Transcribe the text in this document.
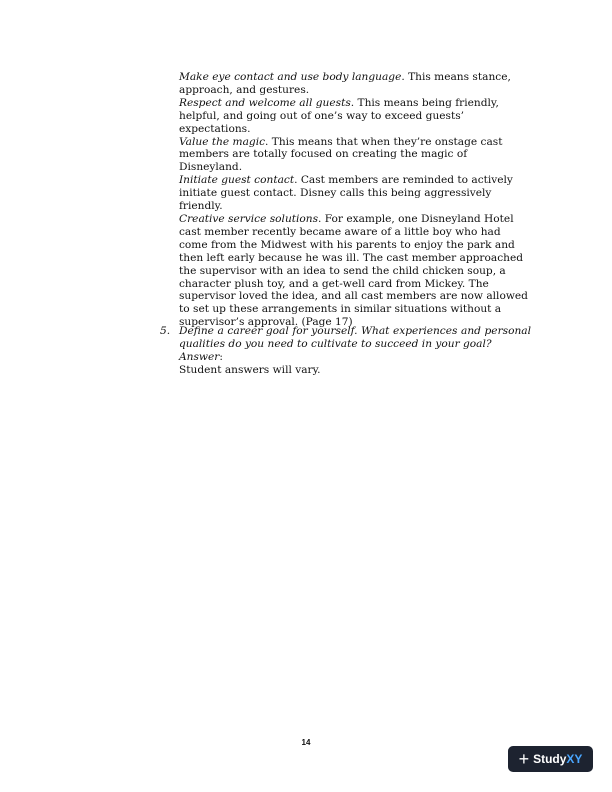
Make eye contact and use body language. This means stance, approach, and gestures.

Respect and welcome all guests. This means being friendly, helpful, and going out of one’s way to exceed guests’ expectations.

Value the magic. This means that when they’re onstage cast members are totally focused on creating the magic of Disneyland.

Initiate guest contact. Cast members are reminded to actively initiate guest contact. Disney calls this being aggressively friendly.

Creative service solutions. For example, one Disneyland Hotel cast member recently became aware of a little boy who had come from the Midwest with his parents to enjoy the park and then left early because he was ill. The cast member approached the supervisor with an idea to send the child chicken soup, a character plush toy, and a get-well card from Mickey. The supervisor loved the idea, and all cast members are now allowed to set up these arrangements in similar situations without a supervisor’s approval. (Page 17)

5. Define a career goal for yourself. What experiences and personal qualities do you need to cultivate to succeed in your goal?
Answer:
Student answers will vary.
14
+ Study XY
